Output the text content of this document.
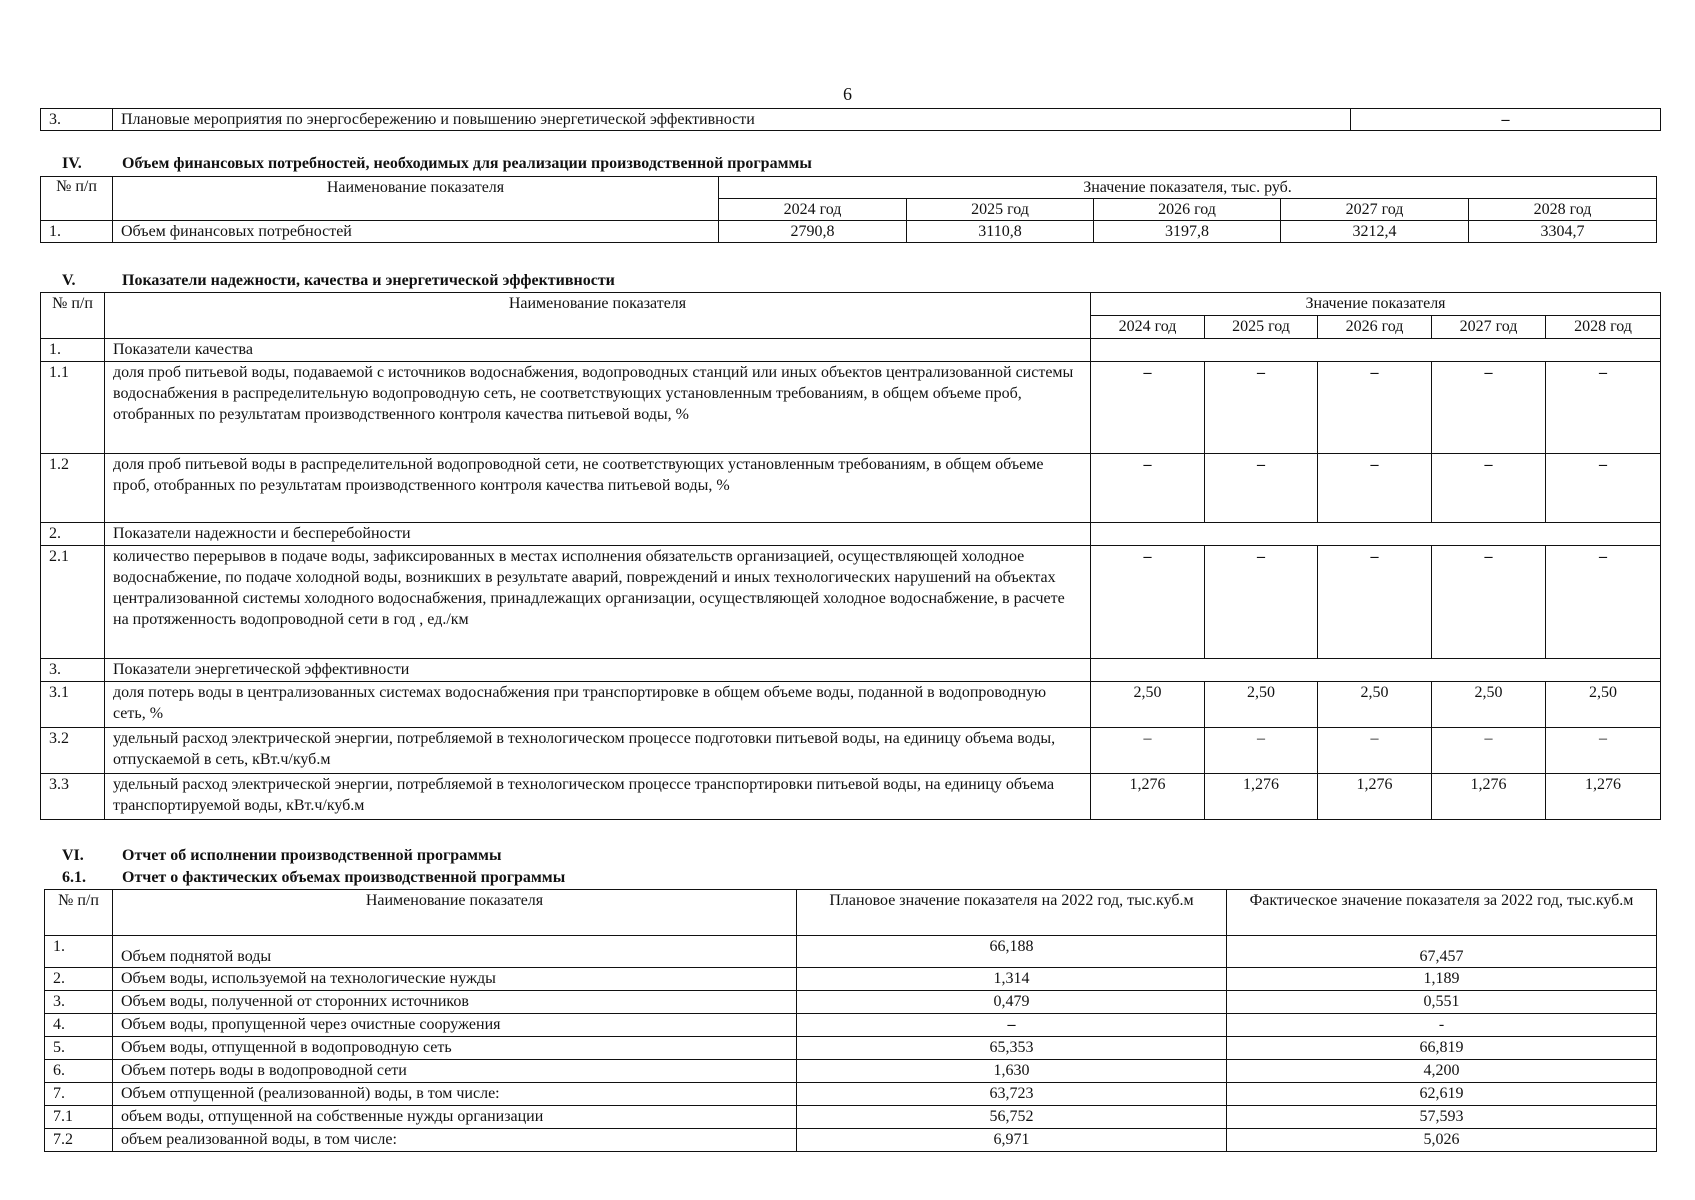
6
3.	Плановые мероприятия по энергосбережению и повышению энергетической эффективности	–
IV.	Объем финансовых потребностей, необходимых для реализации производственной программы
№ п/п	Наименование показателя	Значение показателя, тыс. руб.				
		2024 год	2025 год	2026 год	2027 год	2028 год
1.	Объем финансовых потребностей	2790,8	3110,8	3197,8	3212,4	3304,7
V.	Показатели надежности, качества и энергетической эффективности
№ п/п	Наименование показателя	Значение показателя				
		2024 год	2025 год	2026 год	2027 год	2028 год
1.	Показатели качества					
1.1	доля проб питьевой воды, подаваемой с источников водоснабжения, водопроводных станций или иных объектов централизованной системы водоснабжения в распределительную водопроводную сеть, не соответствующих установленным требованиям, в общем объеме проб, отобранных по результатам производственного контроля качества питьевой воды, %	–	–	–	–	–
1.2	доля проб питьевой воды в распределительной водопроводной сети, не соответствующих установленным требованиям, в общем объеме проб, отобранных по результатам производственного контроля качества питьевой воды, %	–	–	–	–	–
2.	Показатели надежности и бесперебойности					
2.1	количество перерывов в подаче воды, зафиксированных в местах исполнения обязательств организацией, осуществляющей холодное водоснабжение, по подаче холодной воды, возникших в результате аварий, повреждений и иных технологических нарушений на объектах централизованной системы холодного водоснабжения, принадлежащих организации, осуществляющей холодное водоснабжение, в расчете на протяженность водопроводной сети в год , ед./км	–	–	–	–	–
3.	Показатели энергетической эффективности					
3.1	доля потерь воды в централизованных системах водоснабжения при транспортировке в общем объеме воды, поданной в водопроводную сеть, %	2,50	2,50	2,50	2,50	2,50
3.2	удельный расход электрической энергии, потребляемой в технологическом процессе подготовки питьевой воды, на единицу объема воды, отпускаемой в сеть, кВт.ч/куб.м	–	–	–	–	–
3.3	удельный расход электрической энергии, потребляемой в технологическом процессе транспортировки питьевой воды, на единицу объема транспортируемой воды, кВт.ч/куб.м	1,276	1,276	1,276	1,276	1,276
VI. Отчет об исполнении производственной программы
6.1. Отчет о фактических объемах производственной программы
№ п/п	Наименование показателя	Плановое значение показателя на 2022 год, тыс.куб.м	Фактическое значение показателя за 2022 год, тыс.куб.м
1.	Объем поднятой воды	66,188	67,457
2.	Объем воды, используемой на технологические нужды	1,314	1,189
3.	Объем воды, полученной от сторонних источников	0,479	0,551
4.	Объем воды, пропущенной через очистные сооружения	–	-
5.	Объем воды, отпущенной в водопроводную сеть	65,353	66,819
6.	Объем потерь воды в водопроводной сети	1,630	4,200
7.	Объем отпущенной (реализованной) воды, в том числе:	63,723	62,619
7.1	объем воды, отпущенной на собственные нужды организации	56,752	57,593
7.2	объем реализованной воды, в том числе:	6,971	5,026
